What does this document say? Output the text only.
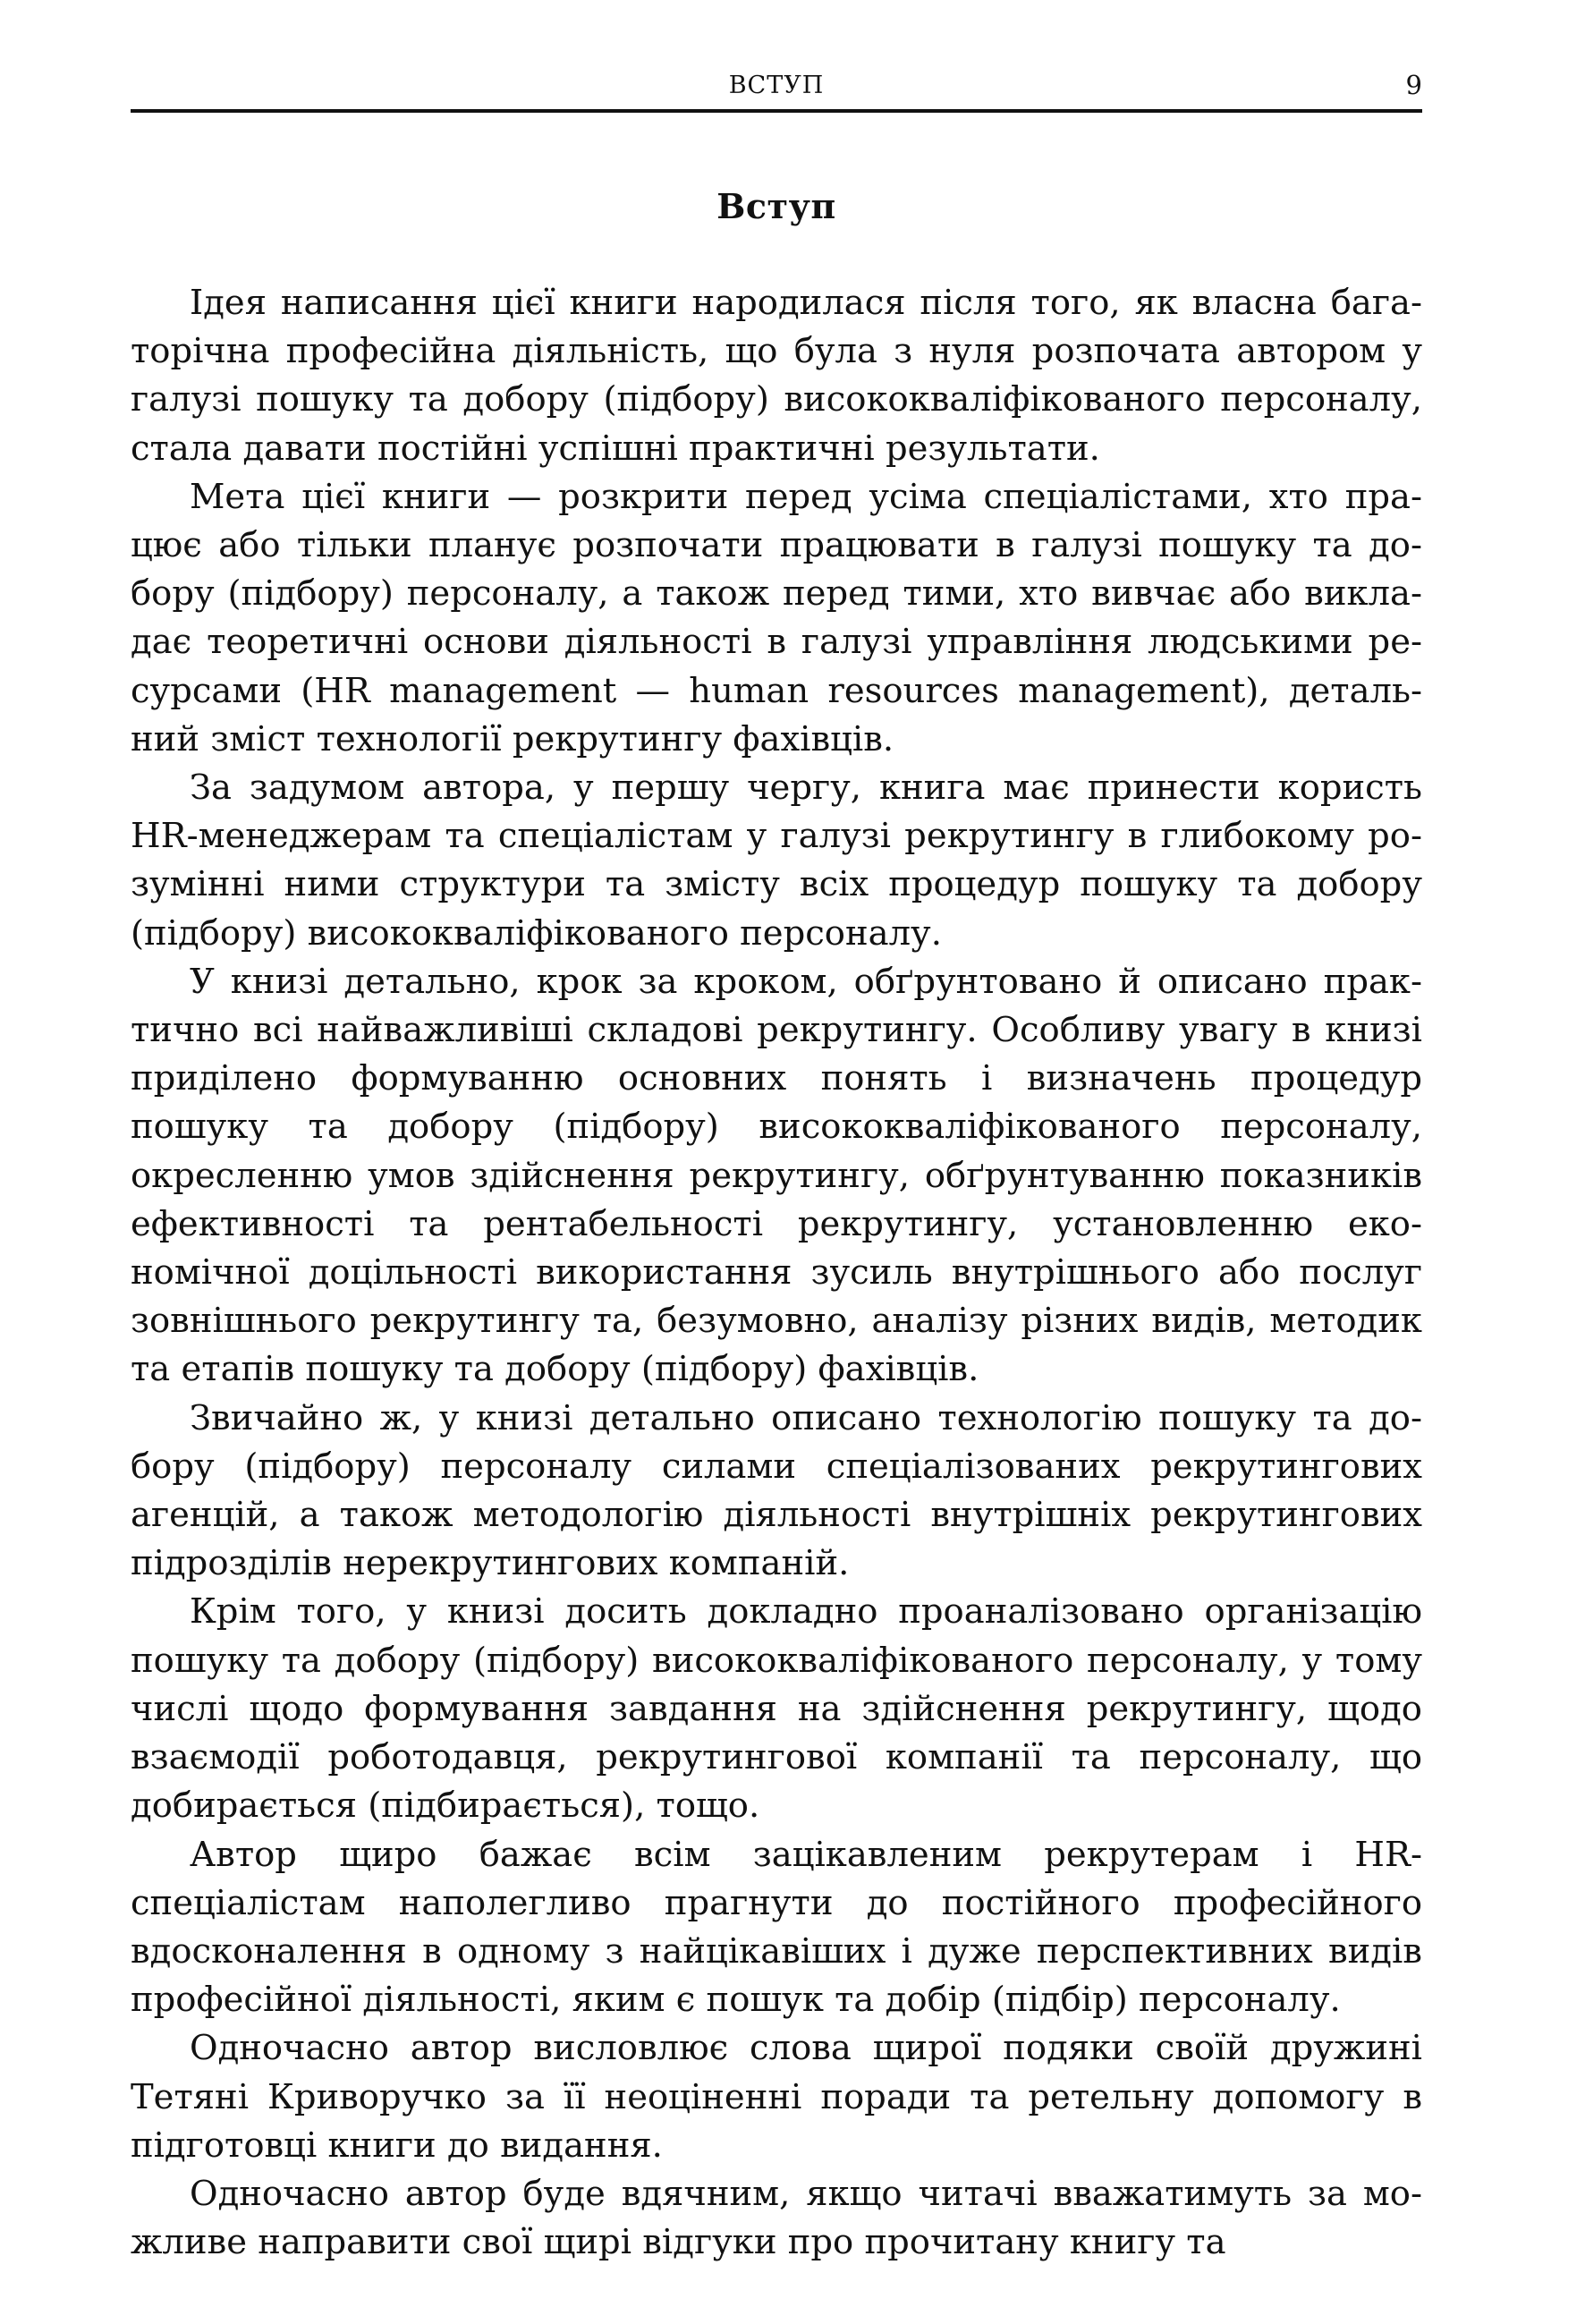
ВСТУП	9
Вступ

Ідея написання цієї книги народилася після того, як власна багаторічна професійна діяльність, що була з нуля розпочата автором у галузі пошуку та добору (підбору) висококваліфікованого персоналу, стала давати постійні успішні практичні результати.

Мета цієї книги — розкрити перед усіма спеціалістами, хто працює або тільки планує розпочати працювати в галузі пошуку та добору (підбору) персоналу, а також перед тими, хто вивчає або викладає теоретичні основи діяльності в галузі управління людськими ресурсами (HR management — human resources management), детальний зміст технології рекрутингу фахівців.

За задумом автора, у першу чергу, книга має принести користь HR-менеджерам та спеціалістам у галузі рекрутингу в глибокому розумінні ними структури та змісту всіх процедур пошуку та добору (підбору) висококваліфікованого персоналу.

У книзі детально, крок за кроком, обґрунтовано й описано практично всі найважливіші складові рекрутингу. Особливу увагу в книзі приділено формуванню основних понять і визначень процедур пошуку та добору (підбору) висококваліфікованого персоналу, окресленню умов здійснення рекрутингу, обґрунтуванню показників ефективності та рентабельності рекрутингу, установленню економічної доцільності використання зусиль внутрішнього або послуг зовнішнього рекрутингу та, безумовно, аналізу різних видів, методик та етапів пошуку та добору (підбору) фахівців.

Звичайно ж, у книзі детально описано технологію пошуку та добору (підбору) персоналу силами спеціалізованих рекрутингових агенцій, а також методологію діяльності внутрішніх рекрутингових підрозділів нерекрутингових компаній.

Крім того, у книзі досить докладно проаналізовано організацію пошуку та добору (підбору) висококваліфікованого персоналу, у тому числі щодо формування завдання на здійснення рекрутингу, щодо взаємодії роботодавця, рекрутингової компанії та персоналу, що добирається (підбирається), тощо.

Автор щиро бажає всім зацікавленим рекрутерам і HR-спеціалістам наполегливо прагнути до постійного професійного вдосконалення в одному з найцікавіших і дуже перспективних видів професійної діяльності, яким є пошук та добір (підбір) персоналу.

Одночасно автор висловлює слова щирої подяки своїй дружині Тетяні Криворучко за її неоціненні поради та ретельну допомогу в підготовці книги до видання.

Одночасно автор буде вдячним, якщо читачі вважатимуть за можливе направити свої щирі відгуки про прочитану книгу та
